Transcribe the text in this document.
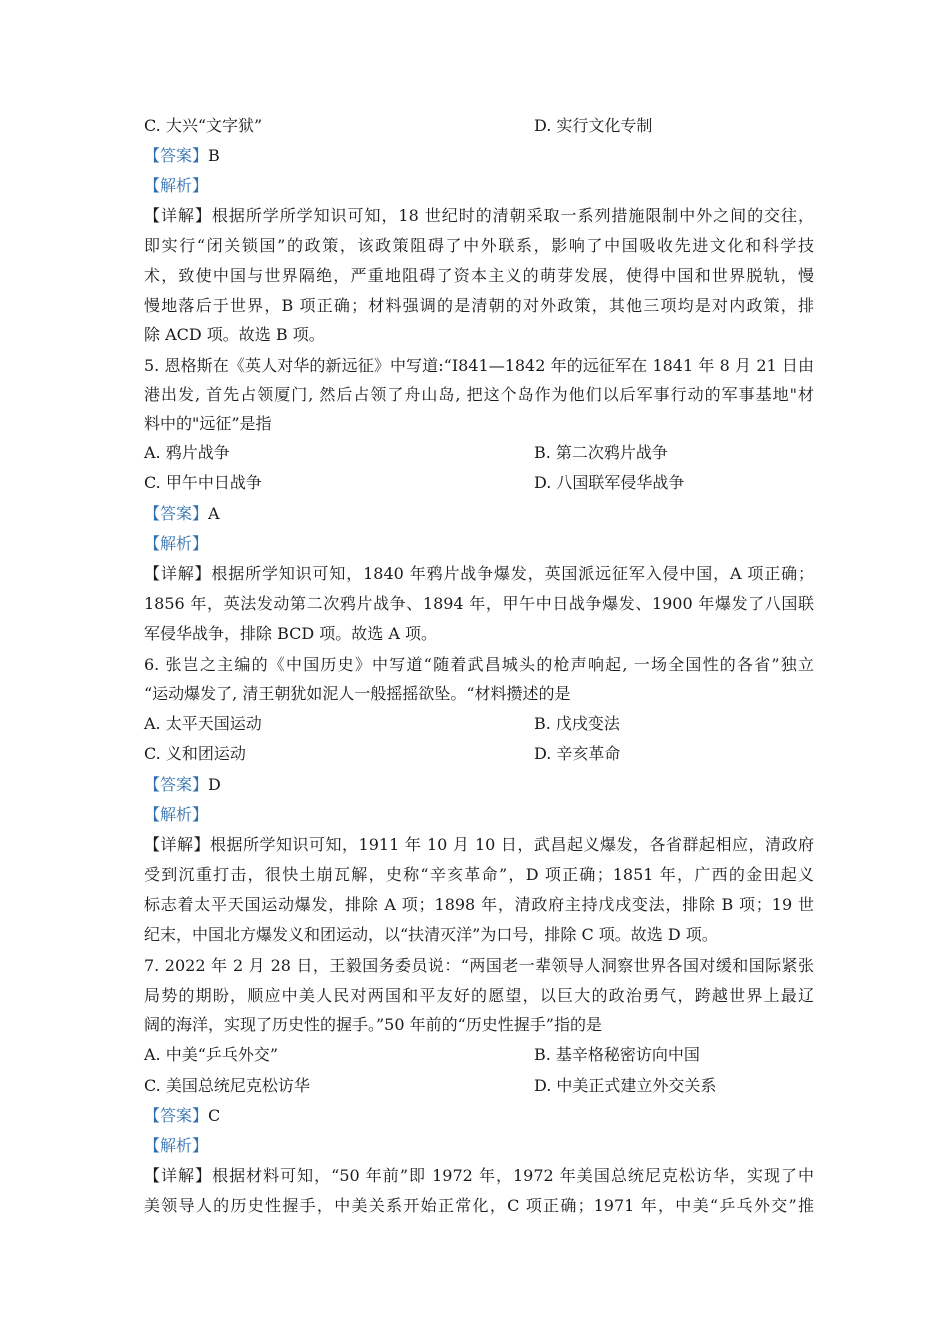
C. 大兴“文字狱”	D. 实行文化专制
【答案】B
【解析】
【详解】根据所学所学知识可知，18 世纪时的清朝采取一系列措施限制中外之间的交往，
即实行“闭关锁国”的政策，该政策阻碍了中外联系，影响了中国吸收先进文化和科学技
术，致使中国与世界隔绝，严重地阻碍了资本主义的萌芽发展，使得中国和世界脱轨，慢
慢地落后于世界，B 项正确；材料强调的是清朝的对外政策，其他三项均是对内政策，排
除 ACD 项。故选 B 项。
5. 恩格斯在《英人对华的新远征》中写道:“I841—1842 年的远征军在 1841 年 8 月 21 日由
港出发, 首先占领厦门, 然后占领了舟山岛, 把这个岛作为他们以后军事行动的军事基地"材
料中的"远征”是指
A. 鸦片战争	B. 第二次鸦片战争
C. 甲午中日战争	D. 八国联军侵华战争
【答案】A
【解析】
【详解】根据所学知识可知，1840 年鸦片战争爆发，英国派远征军入侵中国，A 项正确；
1856 年，英法发动第二次鸦片战争、1894 年，甲午中日战争爆发、1900 年爆发了八国联
军侵华战争，排除 BCD 项。故选 A 项。
6. 张岂之主编的《中国历史》中写道“随着武昌城头的枪声响起, 一场全国性的各省”独立
“运动爆发了, 清王朝犹如泥人一般摇摇欲坠。“材料攒述的是
A. 太平天国运动	B. 戊戌变法
C. 义和团运动	D. 辛亥革命
【答案】D
【解析】
【详解】根据所学知识可知，1911 年 10 月 10 日，武昌起义爆发，各省群起相应，清政府
受到沉重打击，很快土崩瓦解，史称“辛亥革命”，D 项正确；1851 年，广西的金田起义
标志着太平天国运动爆发，排除 A 项；1898 年，清政府主持戊戌变法，排除 B 项；19 世
纪末，中国北方爆发义和团运动，以“扶清灭洋”为口号，排除 C 项。故选 D 项。
7. 2022 年 2 月 28 日，王毅国务委员说：“两国老一辈领导人洞察世界各国对缓和国际紧张
局势的期盼，顺应中美人民对两国和平友好的愿望，以巨大的政治勇气，跨越世界上最辽
阔的海洋，实现了历史性的握手。”50 年前的“历史性握手”指的是
A. 中美“乒乓外交”	B. 基辛格秘密访向中国
C. 美国总统尼克松访华	D. 中美正式建立外交关系
【答案】C
【解析】
【详解】根据材料可知，“50 年前”即 1972 年，1972 年美国总统尼克松访华，实现了中
美领导人的历史性握手，中美关系开始正常化，C 项正确；1971 年，中美“乒乓外交”推
